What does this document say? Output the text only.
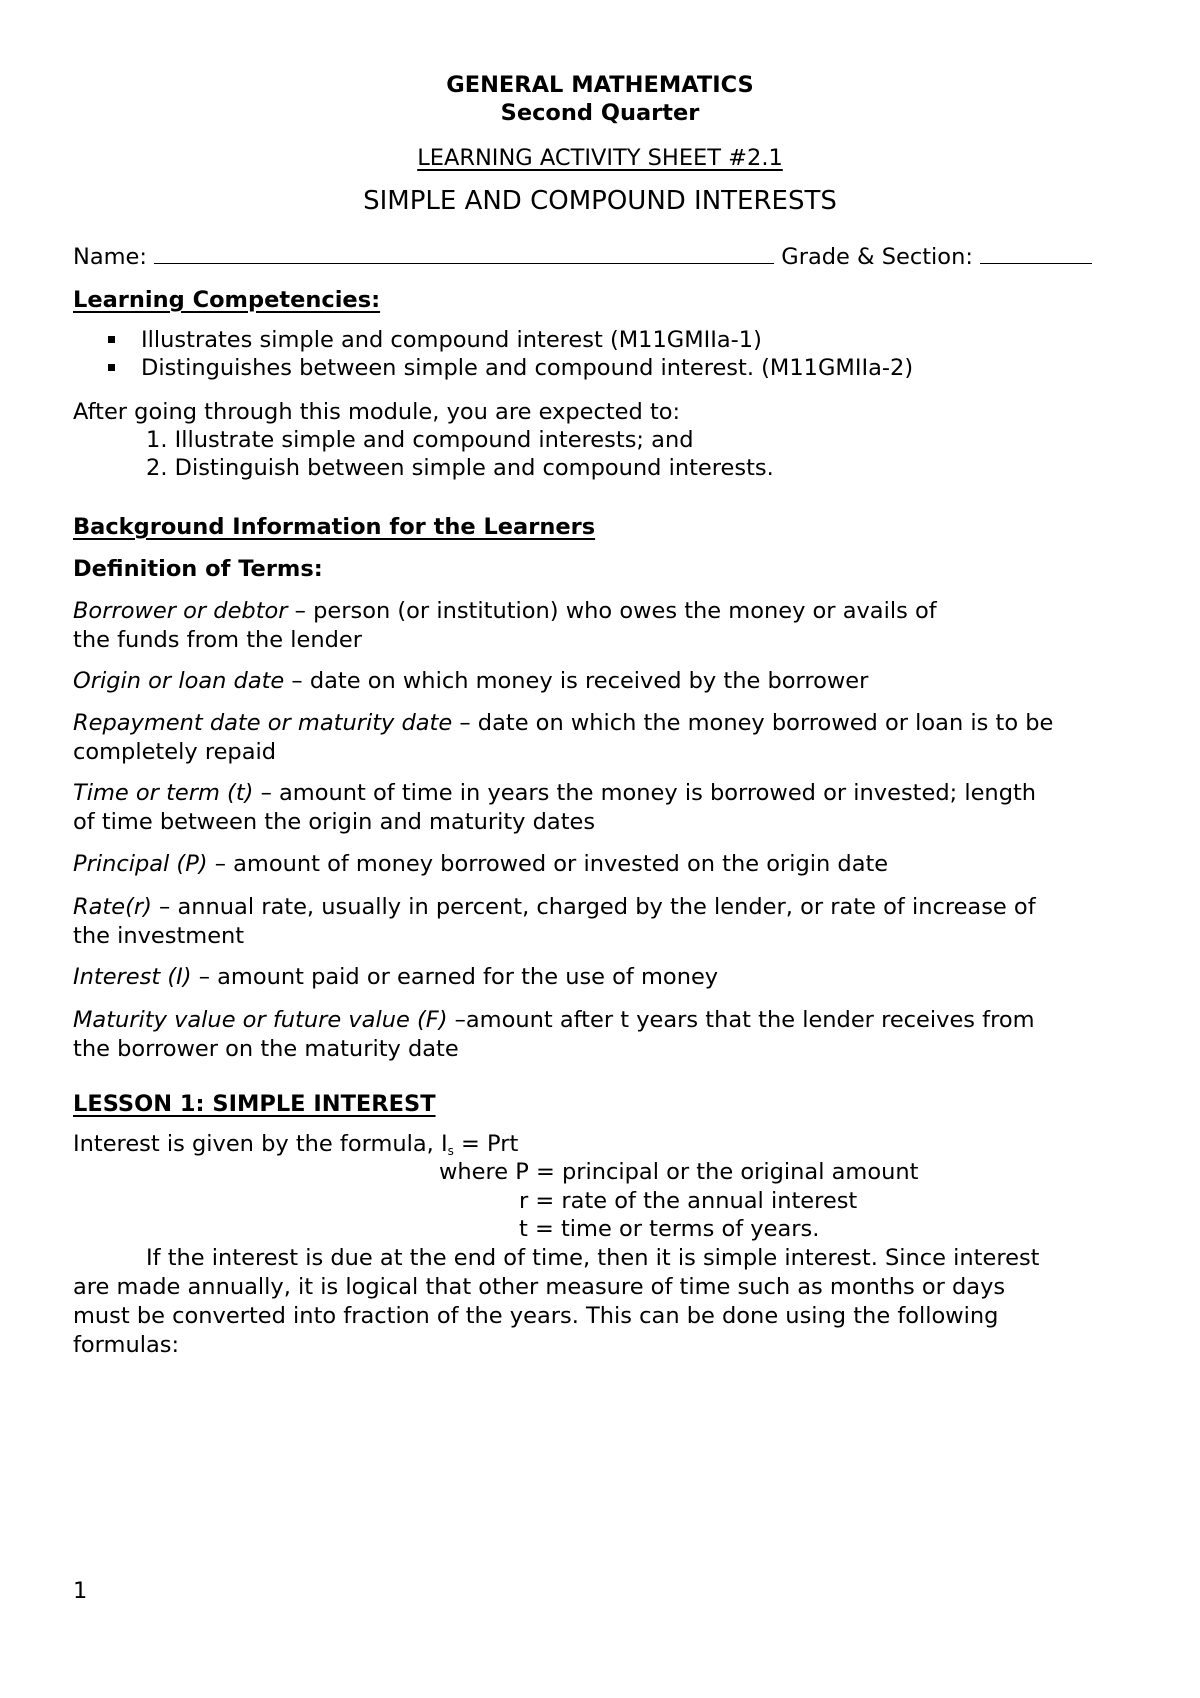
GENERAL MATHEMATICS
Second Quarter
LEARNING ACTIVITY SHEET #2.1
SIMPLE AND COMPOUND INTERESTS
Name:	Grade & Section:
Learning Competencies:
Illustrates simple and compound interest (M11GMIIa-1)
Distinguishes between simple and compound interest. (M11GMIIa-2)
After going through this module, you are expected to:
1. Illustrate simple and compound interests; and
2. Distinguish between simple and compound interests.
Background Information for the Learners
Definition of Terms:
Borrower or debtor – person (or institution) who owes the money or avails of
the funds from the lender
Origin or loan date – date on which money is received by the borrower
Repayment date or maturity date – date on which the money borrowed or loan is to be
completely repaid
Time or term (t) – amount of time in years the money is borrowed or invested; length
of time between the origin and maturity dates
Principal (P) – amount of money borrowed or invested on the origin date
Rate(r) – annual rate, usually in percent, charged by the lender, or rate of increase of
the investment
Interest (I) – amount paid or earned for the use of money
Maturity value or future value (F) –amount after t years that the lender receives from
the borrower on the maturity date
LESSON 1: SIMPLE INTEREST
Interest is given by the formula, $I_s$ = Prt
where P = principal or the original amount
r = rate of the annual interest
t = time or terms of years.
If the interest is due at the end of time, then it is simple interest. Since interest
are made annually, it is logical that other measure of time such as months or days
must be converted into fraction of the years. This can be done using the following
formulas:
1
